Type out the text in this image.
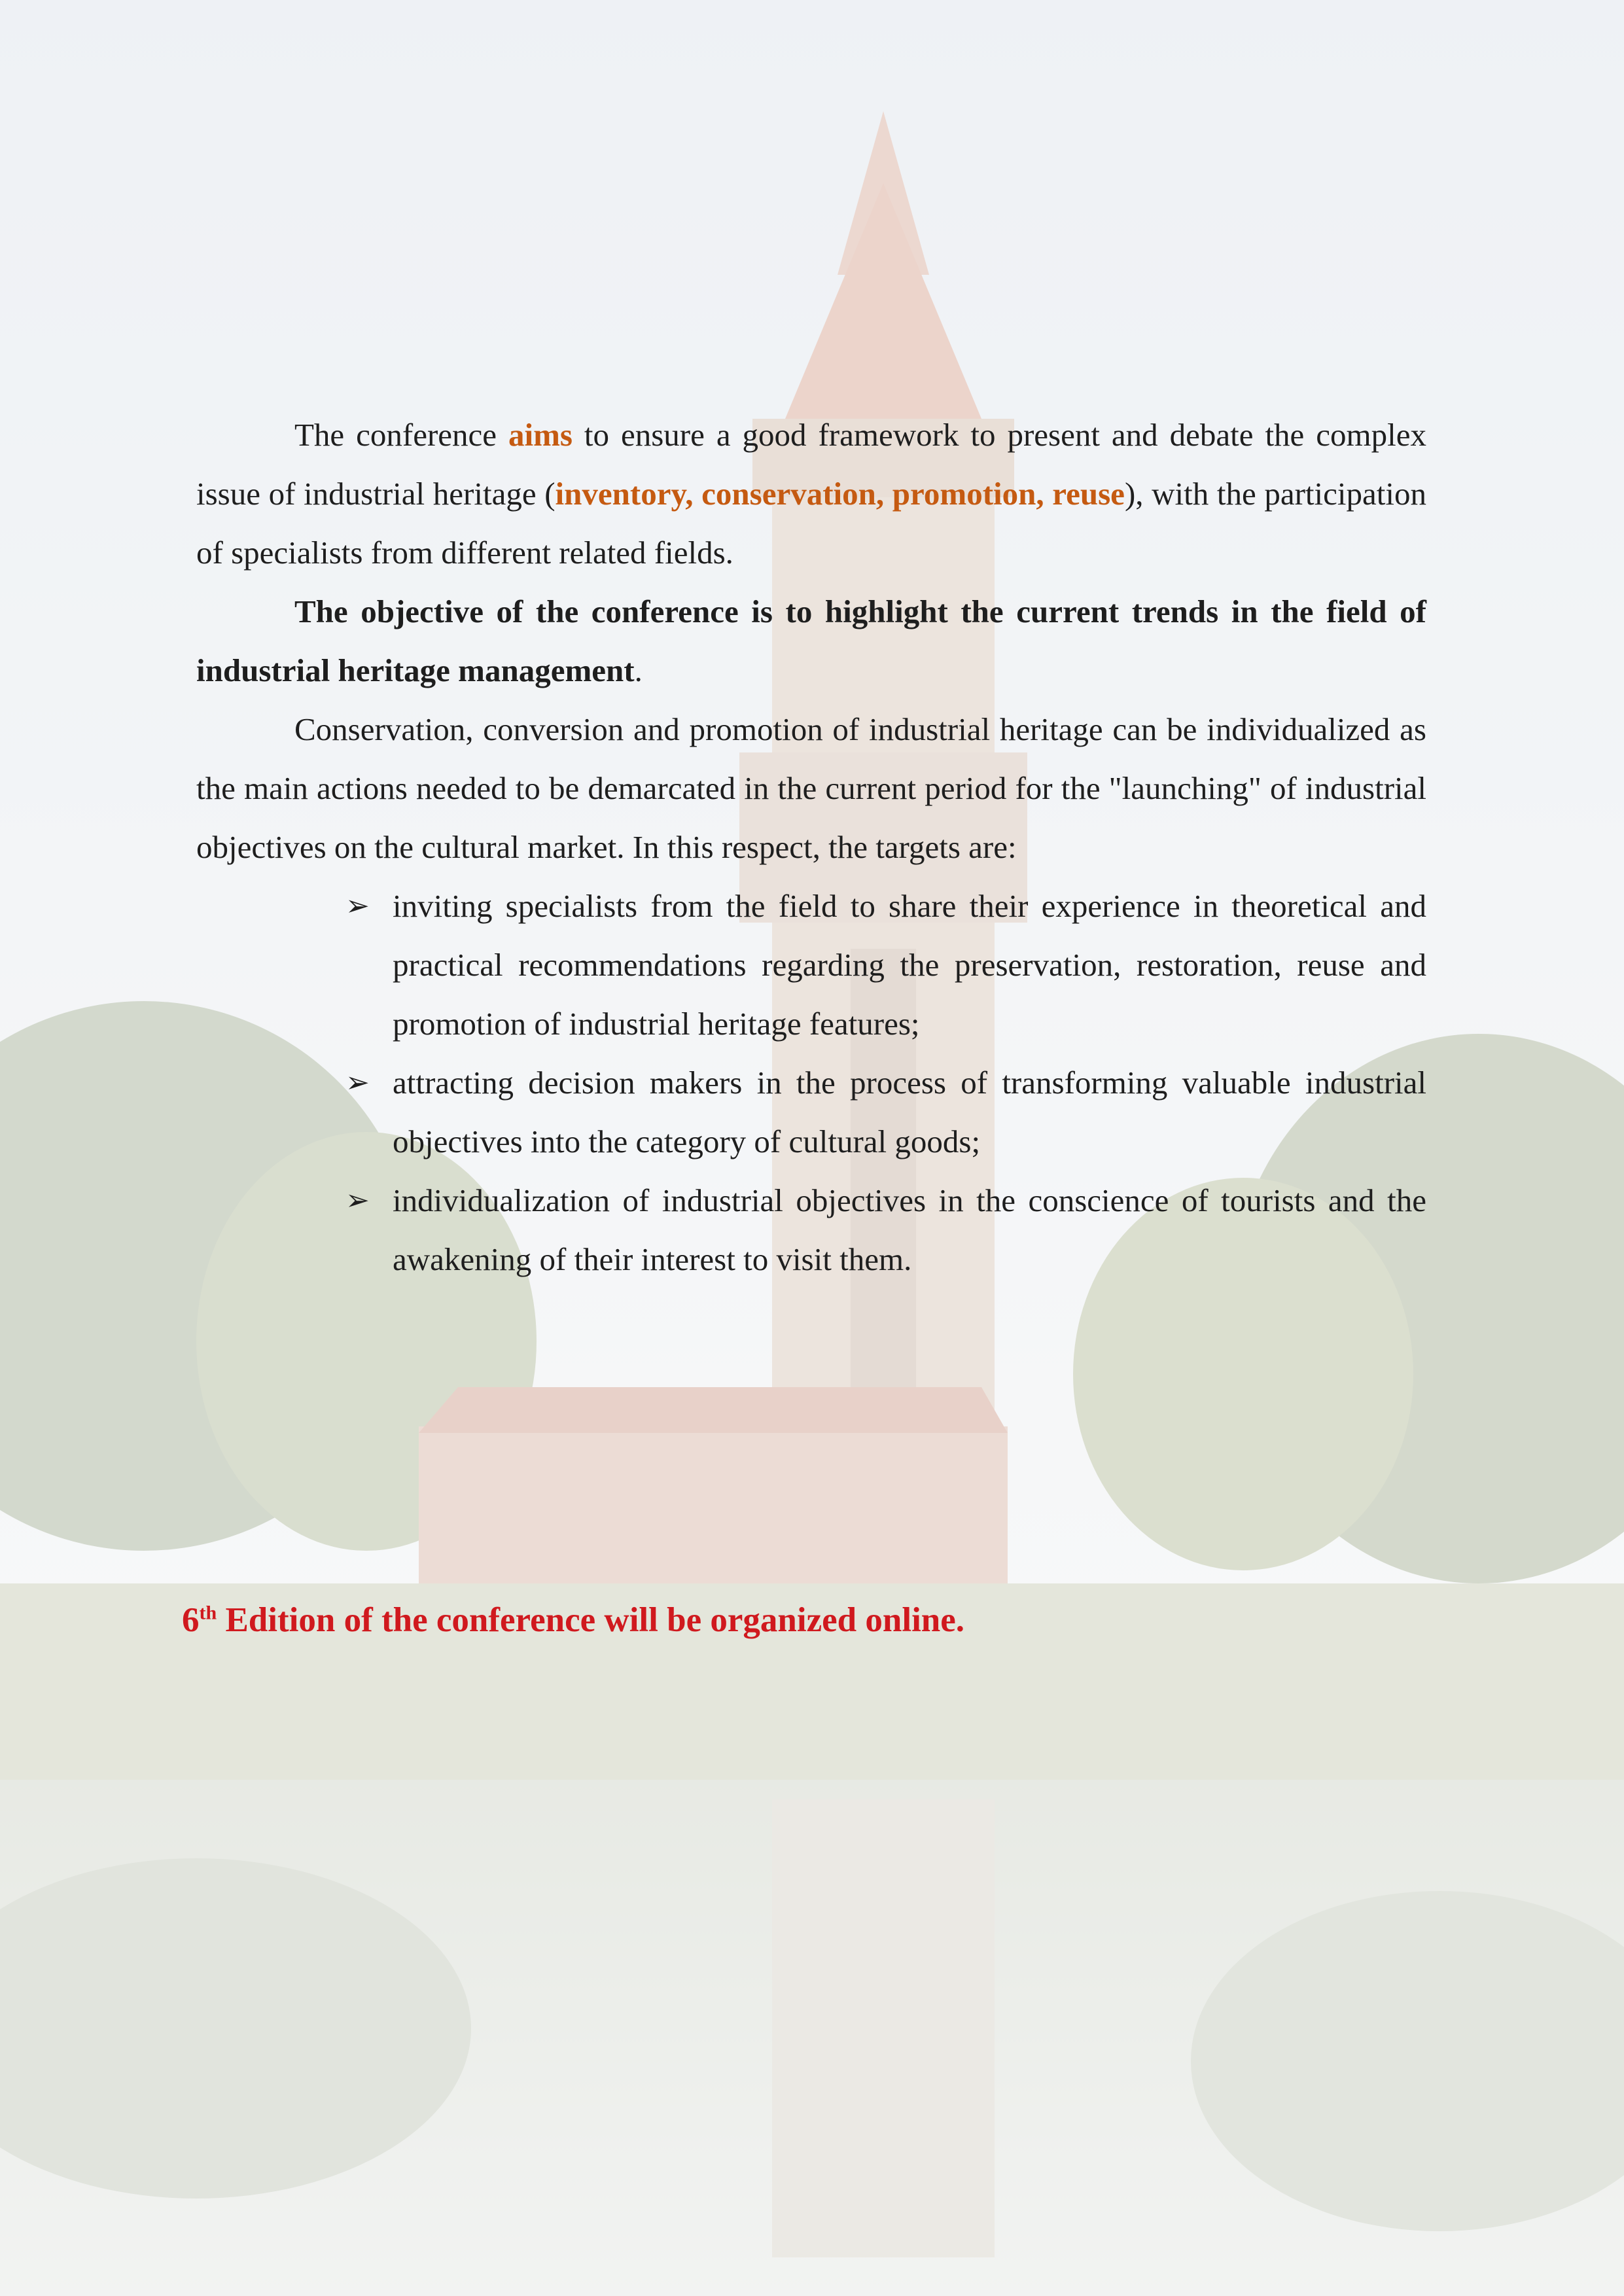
The conference aims to ensure a good framework to present and debate the complex issue of industrial heritage (inventory, conservation, promotion, reuse), with the participation of specialists from different related fields.

The objective of the conference is to highlight the current trends in the field of industrial heritage management.

Conservation, conversion and promotion of industrial heritage can be individualized as the main actions needed to be demarcated in the current period for the "launching" of industrial objectives on the cultural market. In this respect, the targets are:

➢ inviting specialists from the field to share their experience in theoretical and practical recommendations regarding the preservation, restoration, reuse and promotion of industrial heritage features;
➢ attracting decision makers in the process of transforming valuable industrial objectives into the category of cultural goods;
➢ individualization of industrial objectives in the conscience of tourists and the awakening of their interest to visit them.
6th Edition of the conference will be organized online.
